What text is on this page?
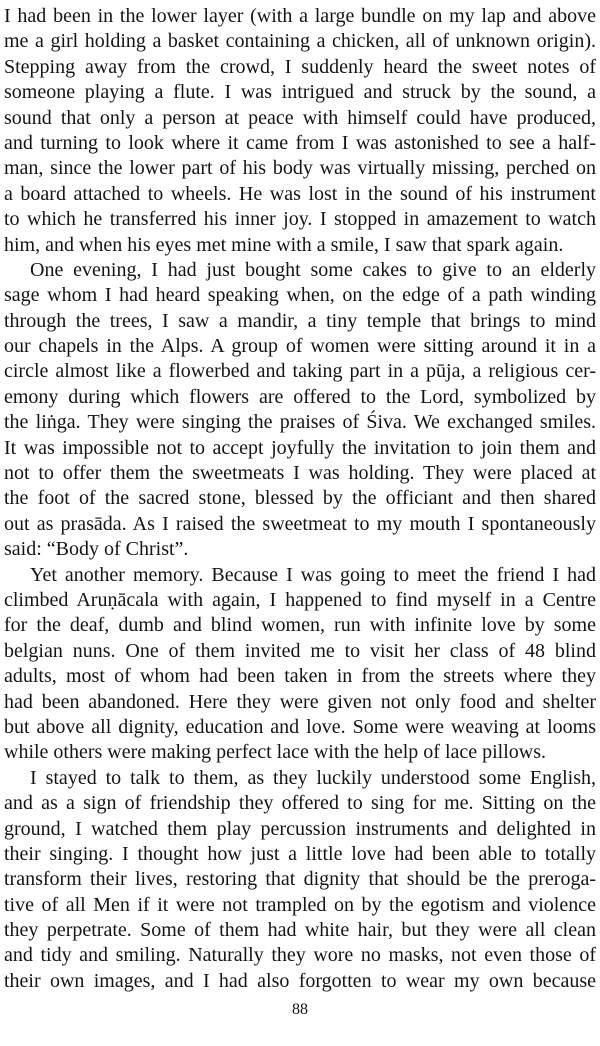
I had been in the lower layer (with a large bundle on my lap and above
me a girl holding a basket containing a chicken, all of unknown origin).
Stepping away from the crowd, I suddenly heard the sweet notes of
someone playing a flute. I was intrigued and struck by the sound, a
sound that only a person at peace with himself could have produced,
and turning to look where it came from I was astonished to see a half-
man, since the lower part of his body was virtually missing, perched on
a board attached to wheels. He was lost in the sound of his instrument
to which he transferred his inner joy. I stopped in amazement to watch
him, and when his eyes met mine with a smile, I saw that spark again.
One evening, I had just bought some cakes to give to an elderly
sage whom I had heard speaking when, on the edge of a path winding
through the trees, I saw a mandir, a tiny temple that brings to mind
our chapels in the Alps. A group of women were sitting around it in a
circle almost like a flowerbed and taking part in a pūja, a religious cer-
emony during which flowers are offered to the Lord, symbolized by
the liṅga. They were singing the praises of Śiva. We exchanged smiles.
It was impossible not to accept joyfully the invitation to join them and
not to offer them the sweetmeats I was holding. They were placed at
the foot of the sacred stone, blessed by the officiant and then shared
out as prasāda. As I raised the sweetmeat to my mouth I spontaneously
said: “Body of Christ”.
Yet another memory. Because I was going to meet the friend I had
climbed Aruṇācala with again, I happened to find myself in a Centre
for the deaf, dumb and blind women, run with infinite love by some
belgian nuns. One of them invited me to visit her class of 48 blind
adults, most of whom had been taken in from the streets where they
had been abandoned. Here they were given not only food and shelter
but above all dignity, education and love. Some were weaving at looms
while others were making perfect lace with the help of lace pillows.
I stayed to talk to them, as they luckily understood some English,
and as a sign of friendship they offered to sing for me. Sitting on the
ground, I watched them play percussion instruments and delighted in
their singing. I thought how just a little love had been able to totally
transform their lives, restoring that dignity that should be the preroga-
tive of all Men if it were not trampled on by the egotism and violence
they perpetrate. Some of them had white hair, but they were all clean
and tidy and smiling. Naturally they wore no masks, not even those of
their own images, and I had also forgotten to wear my own because
88
